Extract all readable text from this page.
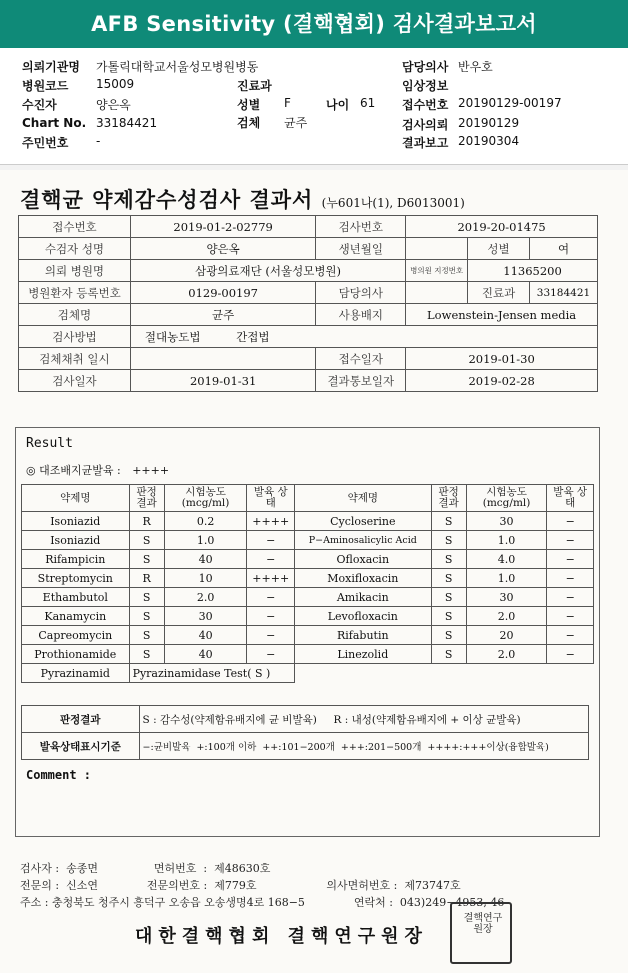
AFB Sensitivity (결핵협회) 검사결과보고서
의뢰기관명 가톨릭대학교서울성모병원병동	담당의사 반우호
병원코드 15009	진료과	임상정보
수진자	양은옥	성별 F	나이 61 접수번호 20190129-00197
Chart No. 33184421	검체 균주	검사의뢰 20190129
주민번호 -	결과보고 20190304
결핵균 약제감수성검사 결과서 (누601나(1), D6013001)
접수번호	2019-01-2-02779	검사번호	2019-20-01475		
수검자 성명	양은옥	생년월일		성별	여
의뢰 병원명	삼광의료재단 (서울성모병원)		병의원 지정번호	11365200	
병원환자 등록번호	0129-00197	담당의사		진료과	33184421
검체명	균주	사용배지	Lowenstein-Jensen media		
검사방법	절대농도법 간접법				
검체채취 일시		접수일자	2019-01-30		
검사일자	2019-01-31	결과통보일자	2019-02-28		
Result
◎ 대조배지균발육 : ++++
약제명	판정 결과	시험농도 (mcg/ml)	발육 상태	약제명	판정 결과	시험농도 (mcg/ml)	발육 상태
Isoniazid	R	0.2	++++	Cycloserine	S	30	−
Isoniazid	S	1.0	−	P−Aminosalicylic Acid	S	1.0	−
Rifampicin	S	40	−	Ofloxacin	S	4.0	−
Streptomycin	R	10	++++	Moxifloxacin	S	1.0	−
Ethambutol	S	2.0	−	Amikacin	S	30	−
Kanamycin	S	30	−	Levofloxacin	S	2.0	−
Capreomycin	S	40	−	Rifabutin	S	20	−
Prothionamide	S	40	−	Linezolid	S	2.0	−
Pyrazinamid	Pyrazinamidase Test( S )						
판정결과	S : 감수성(약제함유배지에 균 비발육)     R : 내성(약제함유배지에 + 이상 균발육)
발육상태표시기준	−:균비발육  +:100개 이하  ++:101−200개  +++:201−500개  ++++:+++이상(융합발육)
Comment :
검사자 :  송종면                면허번호  :  제48630호
전문의 :  신소연              전문의번호 :  제779호                    의사면허번호 :  제73747호
주소 : 충청북도 청주시 흥덕구 오송읍 오송생명4로 168−5              연락처 :  043)249−4953, 46
대한결핵협회 결핵연구원장
결핵연구원장
